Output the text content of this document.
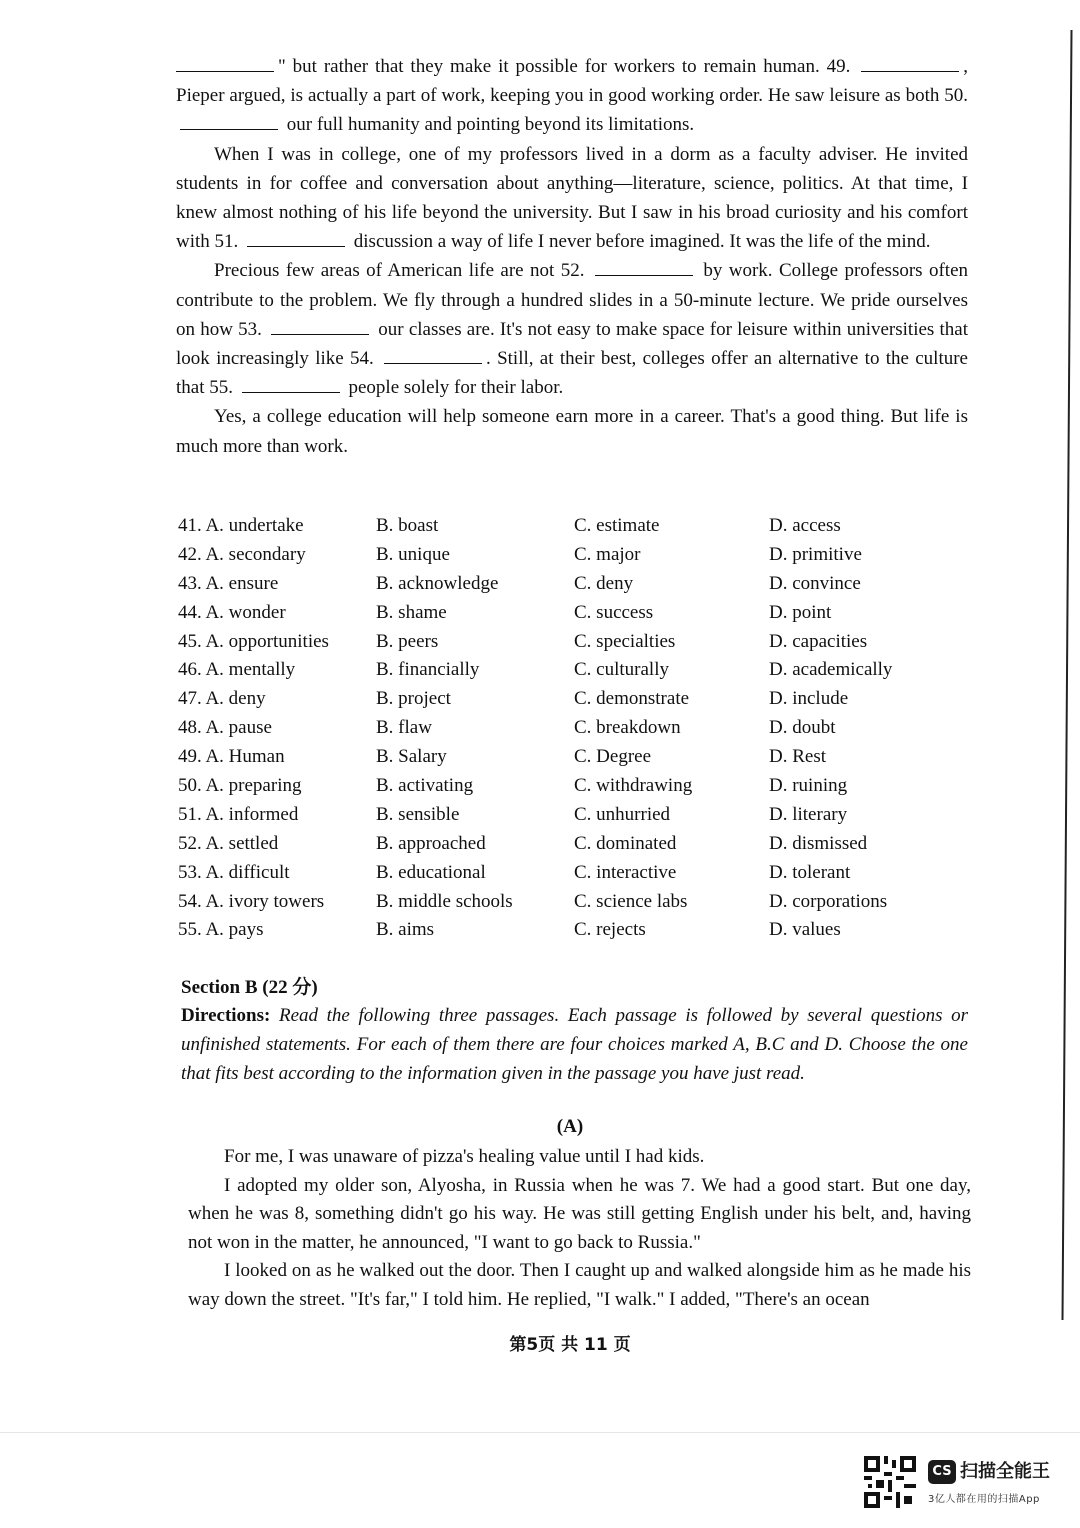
" but rather that they make it possible for workers to remain human. 49.	, Pieper argued, is actually a part of work, keeping you in good working order. He saw leisure as both 50.  our full humanity and pointing beyond its limitations.

When I was in college, one of my professors lived in a dorm as a faculty adviser. He invited students in for coffee and conversation about anything—literature, science, politics. At that time, I knew almost nothing of his life beyond the university. But I saw in his broad curiosity and his comfort with 51.	discussion a way of life I never before imagined. It was the life of the mind.

Precious few areas of American life are not 52.	by work. College professors often contribute to the problem. We fly through a hundred slides in a 50-minute lecture. We pride ourselves on how 53.	our classes are. It's not easy to make space for leisure within universities that look increasingly like 54.	. Still, at their best, colleges offer an alternative to the culture that 55.	people solely for their labor.

Yes, a college education will help someone earn more in a career. That's a good thing. But life is much more than work.

41. A. undertake	B. boast	C. estimate	D. access
42. A. secondary	B. unique	C. major	D. primitive
43. A. ensure	B. acknowledge	C. deny	D. convince
44. A. wonder	B. shame	C. success	D. point
45. A. opportunities	B. peers	C. specialties	D. capacities
46. A. mentally	B. financially	C. culturally	D. academically
47. A. deny	B. project	C. demonstrate	D. include
48. A. pause	B. flaw	C. breakdown	D. doubt
49. A. Human	B. Salary	C. Degree	D. Rest
50. A. preparing	B. activating	C. withdrawing	D. ruining
51. A. informed	B. sensible	C. unhurried	D. literary
52. A. settled	B. approached	C. dominated	D. dismissed
53. A. difficult	B. educational	C. interactive	D. tolerant
54. A. ivory towers	B. middle schools	C. science labs	D. corporations
55. A. pays	B. aims	C. rejects	D. values
Section B (22 分)
Directions: Read the following three passages. Each passage is followed by several questions or unfinished statements. For each of them there are four choices marked A, B.C and D. Choose the one that fits best according to the information given in the passage you have just read.
(A)

For me, I was unaware of pizza's healing value until I had kids.

I adopted my older son, Alyosha, in Russia when he was 7. We had a good start. But one day, when he was 8, something didn't go his way. He was still getting English under his belt, and, having not won in the matter, he announced, "I want to go back to Russia."

I looked on as he walked out the door. Then I caught up and walked alongside him as he made his way down the street. "It's far," I told him. He replied, "I walk." I added, "There's an ocean

第5页 共 11 页
CS 扫描全能王
3亿人都在用的扫描App
